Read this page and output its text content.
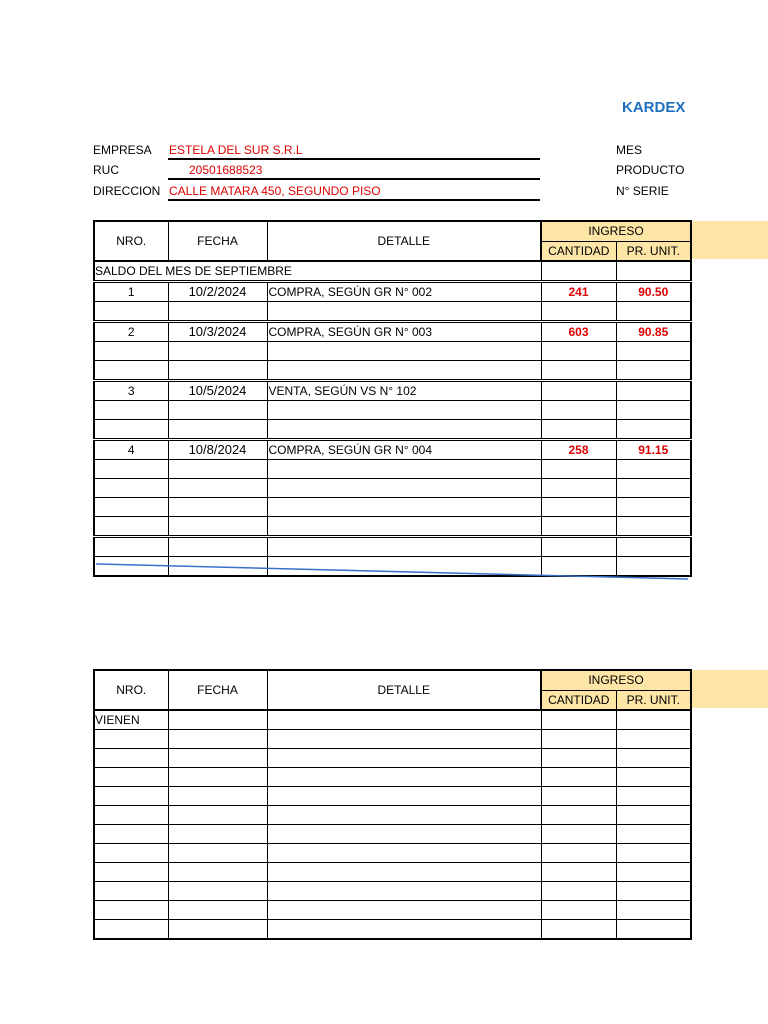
KARDEX
EMPRESA ESTELA DEL SUR S.R.L
RUC	20501688523
DIRECCION CALLE MATARA 450, SEGUNDO PISO
MES
PRODUCTO
N° SERIE
NRO.	FECHA	DETALLE	INGRESO	
			CANTIDAD	PR. UNIT.
SALDO DEL MES DE SEPTIEMBRE				
1	10/2/2024	COMPRA, SEGÚN GR N° 002	241	90.50

2	10/3/2024	COMPRA, SEGÚN GR N° 003	603	90.85

3	10/5/2024	VENTA, SEGÚN VS N° 102		

4	10/8/2024	COMPRA, SEGÚN GR N° 004	258	91.15

NRO.	FECHA	DETALLE	INGRESO	
			CANTIDAD	PR. UNIT.
VIENEN				
